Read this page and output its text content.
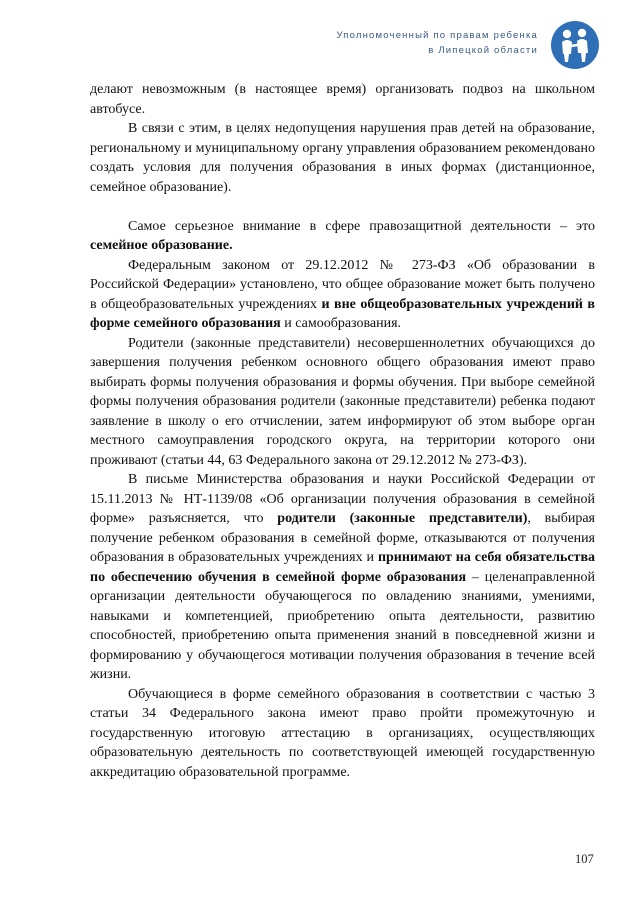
Уполномоченный по правам ребенка
в Липецкой области

делают невозможным (в настоящее время) организовать подвоз на школьном автобусе.

В связи с этим, в целях недопущения нарушения прав детей на образование, региональному и муниципальному органу управления образованием рекомендовано создать условия для получения образования в иных формах (дистанционное, семейное образование).

Самое серьезное внимание в сфере правозащитной деятельности – это семейное образование.

Федеральным законом от 29.12.2012 № 273-ФЗ «Об образовании в Российской Федерации» установлено, что общее образование может быть получено в общеобразовательных учреждениях и вне общеобразовательных учреждений в форме семейного образования и самообразования.

Родители (законные представители) несовершеннолетних обучающихся до завершения получения ребенком основного общего образования имеют право выбирать формы получения образования и формы обучения. При выборе семейной формы получения образования родители (законные представители) ребенка подают заявление в школу о его отчислении, затем информируют об этом выборе орган местного самоуправления городского округа, на территории которого они проживают (статьи 44, 63 Федерального закона от 29.12.2012 № 273-ФЗ).

В письме Министерства образования и науки Российской Федерации от 15.11.2013 № НТ-1139/08 «Об организации получения образования в семейной форме» разъясняется, что родители (законные представители), выбирая получение ребенком образования в семейной форме, отказываются от получения образования в образовательных учреждениях и принимают на себя обязательства по обеспечению обучения в семейной форме образования – целенаправленной организации деятельности обучающегося по овладению знаниями, умениями, навыками и компетенцией, приобретению опыта деятельности, развитию способностей, приобретению опыта применения знаний в повседневной жизни и формированию у обучающегося мотивации получения образования в течение всей жизни.

Обучающиеся в форме семейного образования в соответствии с частью 3 статьи 34 Федерального закона имеют право пройти промежуточную и государственную итоговую аттестацию в организациях, осуществляющих образовательную деятельность по соответствующей имеющей государственную аккредитацию образовательной программе.

107
